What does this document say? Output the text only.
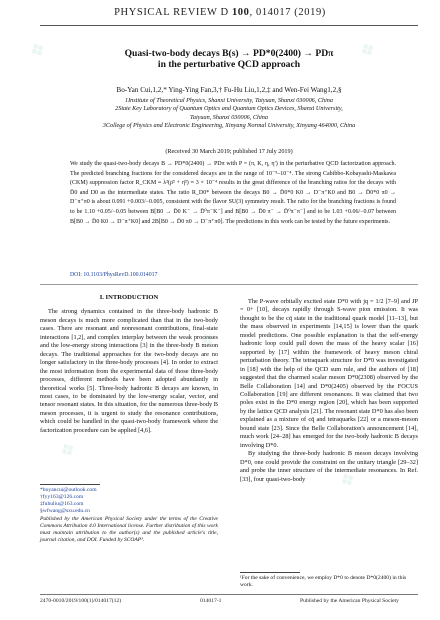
❖	❖
❖
❖
❖
PHYSICAL REVIEW D 100, 014017 (2019)
Quasi-two-body decays B(s) → PD*0(2400) → PDπ
in the perturbative QCD approach
Bo-Yan Cui,1,2,* Ying-Ying Fan,3,† Fu-Hu Liu,1,2,‡ and Wen-Fei Wang1,2,§
1Institute of Theoretical Physics, Shanxi University, Taiyuan, Shanxi 030006, China
2State Key Laboratory of Quantum Optics and Quantum Optics Devices, Shanxi University,
Taiyuan, Shanxi 030006, China
3College of Physics and Electronic Engineering, Xinyang Normal University, Xinyang 464000, China
(Received 30 March 2019; published 17 July 2019)
We study the quasi-two-body decays B → PD*0(2400) → PDπ with P = (π, K, η, η′) in the perturbative QCD factorization approach. The predicted branching fractions for the considered decays are in the range of 10⁻⁹–10⁻⁴. The strong Cabibbo-Kobayashi-Maskawa (CKM) suppression factor R_CKM ≡ λ²(ρ̄² + η̄²) ≈ 3 × 10⁻⁴ results in the great difference of the branching ratios for the decays with D̄0 and D0 as the intermediate states. The ratio R_D0* between the decays B0 → D̄0*0 K0 → D⁻π⁺K0 and B0 → D̄0*0 π0 → D⁻π⁺π0 is about 0.091 +0.003/−0.005, consistent with the flavor SU(3) symmetry result. The ratio for the branching fractions is found to be 1.10 +0.05/−0.05 between B[B0 → D̄0 K⁻ → D̄⁰π⁻K⁻] and B[B0 → D̄0 π⁻ → D̄⁰π⁻π⁻] and to be 1.03 +0.06/−0.07 between B[B0 → D̄0 K0 → D⁻π⁺K0] and 2B[B0 → D̄0 π0 → D⁻π⁺π0]. The predictions in this work can be tested by the future experiments.
DOI: 10.1103/PhysRevD.100.014017
I. INTRODUCTION

The strong dynamics contained in the three-body hadronic B meson decays is much more complicated than that in the two-body cases. There are resonant and nonresonant contributions, final-state interactions [1,2], and complex interplay between the weak processes and the low-energy strong interactions [3] in the three-body B meson decays. The traditional approaches for the two-body decays are no longer satisfactory in the three-body processes [4]. In order to extract the most information from the experimental data of those three-body processes, different methods have been adopted abundantly in theoretical works [5]. Three-body hadronic B decays are known, in most cases, to be dominated by the low-energy scalar, vector, and tensor resonant states. In this situation, for the numerous three-body B meson processes, it is urgent to study the resonance contributions, which could be handled in the quasi-two-body framework where the factorization procedure can be applied [4,6].

*boyancui@outlook.com
†fyy163@126.com
‡fuhuliu@163.com
§wfwang@sxu.edu.cn
Published by the American Physical Society under the terms of the Creative Commons Attribution 4.0 International license. Further distribution of this work must maintain attribution to the author(s) and the published article's title, journal citation, and DOI. Funded by SCOAP³.

The P-wave orbitally excited state D*0 with jq = 1/2 [7–9] and JP = 0+ [10], decays rapidly through S-wave pion emission. It was thought to be the cq̄ state in the traditional quark model [11–13], but the mass observed in experiments [14,15] is lower than the quark model predictions. One possible explanation is that the self-energy hadronic loop could pull down the mass of the heavy scalar [16] supported by [17] within the framework of heavy meson chiral perturbation theory. The tetraquark structure for D*0 was investigated in [18] with the help of the QCD sum rule, and the authors of [18] suggested that the charmed scalar meson D*0(2308) observed by the Belle Collaboration [14] and D*0(2405) observed by the FOCUS Collaboration [19] are different resonances. It was claimed that two poles exist in the D*0 energy region [20], which has been supported by the lattice QCD analysis [21]. The resonant state D*0 has also been explained as a mixture of cq̄ and tetraquarks [22] or a meson-meson bound state [23]. Since the Belle Collaboration's announcement [14], much work [24–28] has emerged for the two-body hadronic B decays involving D*0.

By studying the three-body hadronic B meson decays involving D*0, one could provide the constraint on the unitary triangle [29–32] and probe the inner structure of the intermediate resonances. In Ref. [33], four quasi-two-body

¹For the sake of convenience, we employ D*0 to denote D*0(2400) in this work.
2470-0010/2019/100(1)/014017(12)	014017-1	Published by the American Physical Society
